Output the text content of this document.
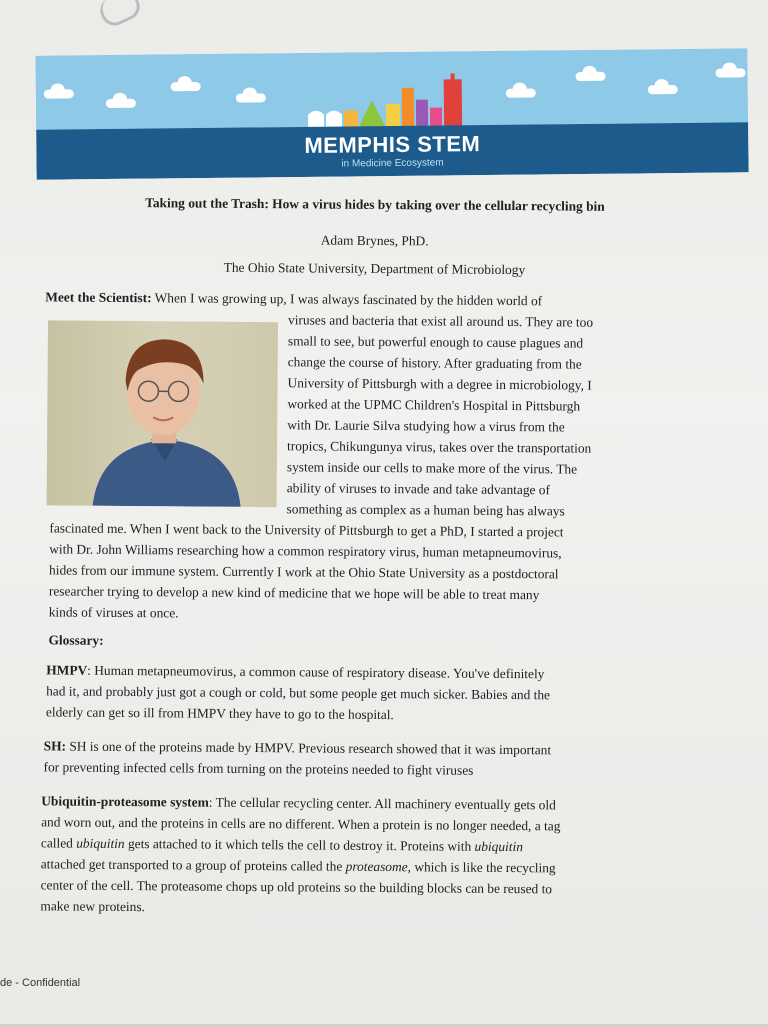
MEMPHIS STEM
in Medicine Ecosystem
Taking out the Trash: How a virus hides by taking over the cellular recycling bin
Adam Brynes, PhD.
The Ohio State University, Department of Microbiology
Meet the Scientist: When I was growing up, I was always fascinated by the hidden world of
viruses and bacteria that exist all around us. They are too
small to see, but powerful enough to cause plagues and
change the course of history. After graduating from the
University of Pittsburgh with a degree in microbiology, I
worked at the UPMC Children's Hospital in Pittsburgh
with Dr. Laurie Silva studying how a virus from the
tropics, Chikungunya virus, takes over the transportation
system inside our cells to make more of the virus. The
ability of viruses to invade and take advantage of
something as complex as a human being has always
fascinated me. When I went back to the University of Pittsburgh to get a PhD, I started a project
with Dr. John Williams researching how a common respiratory virus, human metapneumovirus,
hides from our immune system. Currently I work at the Ohio State University as a postdoctoral
researcher trying to develop a new kind of medicine that we hope will be able to treat many
kinds of viruses at once.
Glossary:
HMPV: Human metapneumovirus, a common cause of respiratory disease. You've definitely
had it, and probably just got a cough or cold, but some people get much sicker. Babies and the
elderly can get so ill from HMPV they have to go to the hospital.
SH: SH is one of the proteins made by HMPV. Previous research showed that it was important
for preventing infected cells from turning on the proteins needed to fight viruses
Ubiquitin-proteasome system: The cellular recycling center. All machinery eventually gets old
and worn out, and the proteins in cells are no different. When a protein is no longer needed, a tag
called ubiquitin gets attached to it which tells the cell to destroy it. Proteins with ubiquitin
attached get transported to a group of proteins called the proteasome, which is like the recycling
center of the cell. The proteasome chops up old proteins so the building blocks can be reused to
make new proteins.
de - Confidential
